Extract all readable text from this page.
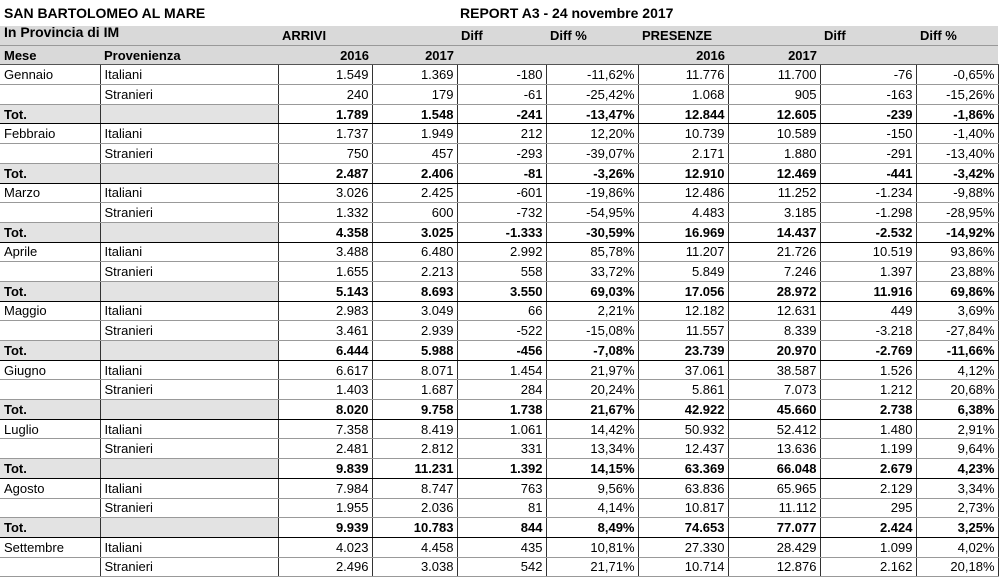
		ARRIVI		Diff	Diff %	PRESENZE		Diff	Diff %
Mese	Provenienza	2016	2017			2016	2017		
Gennaio	Italiani	1.549	1.369	-180	-11,62%	11.776	11.700	-76	-0,65%
	Stranieri	240	179	-61	-25,42%	1.068	905	-163	-15,26%
Tot.		1.789	1.548	-241	-13,47%	12.844	12.605	-239	-1,86%
Febbraio	Italiani	1.737	1.949	212	12,20%	10.739	10.589	-150	-1,40%
	Stranieri	750	457	-293	-39,07%	2.171	1.880	-291	-13,40%
Tot.		2.487	2.406	-81	-3,26%	12.910	12.469	-441	-3,42%
Marzo	Italiani	3.026	2.425	-601	-19,86%	12.486	11.252	-1.234	-9,88%
	Stranieri	1.332	600	-732	-54,95%	4.483	3.185	-1.298	-28,95%
Tot.		4.358	3.025	-1.333	-30,59%	16.969	14.437	-2.532	-14,92%
Aprile	Italiani	3.488	6.480	2.992	85,78%	11.207	21.726	10.519	93,86%
	Stranieri	1.655	2.213	558	33,72%	5.849	7.246	1.397	23,88%
Tot.		5.143	8.693	3.550	69,03%	17.056	28.972	11.916	69,86%
Maggio	Italiani	2.983	3.049	66	2,21%	12.182	12.631	449	3,69%
	Stranieri	3.461	2.939	-522	-15,08%	11.557	8.339	-3.218	-27,84%
Tot.		6.444	5.988	-456	-7,08%	23.739	20.970	-2.769	-11,66%
Giugno	Italiani	6.617	8.071	1.454	21,97%	37.061	38.587	1.526	4,12%
	Stranieri	1.403	1.687	284	20,24%	5.861	7.073	1.212	20,68%
Tot.		8.020	9.758	1.738	21,67%	42.922	45.660	2.738	6,38%
Luglio	Italiani	7.358	8.419	1.061	14,42%	50.932	52.412	1.480	2,91%
	Stranieri	2.481	2.812	331	13,34%	12.437	13.636	1.199	9,64%
Tot.		9.839	11.231	1.392	14,15%	63.369	66.048	2.679	4,23%
Agosto	Italiani	7.984	8.747	763	9,56%	63.836	65.965	2.129	3,34%
	Stranieri	1.955	2.036	81	4,14%	10.817	11.112	295	2,73%
Tot.		9.939	10.783	844	8,49%	74.653	77.077	2.424	3,25%
Settembre	Italiani	4.023	4.458	435	10,81%	27.330	28.429	1.099	4,02%
	Stranieri	2.496	3.038	542	21,71%	10.714	12.876	2.162	20,18%
SAN BARTOLOMEO AL MARE
In Provincia di IM
REPORT A3 - 24 novembre 2017
